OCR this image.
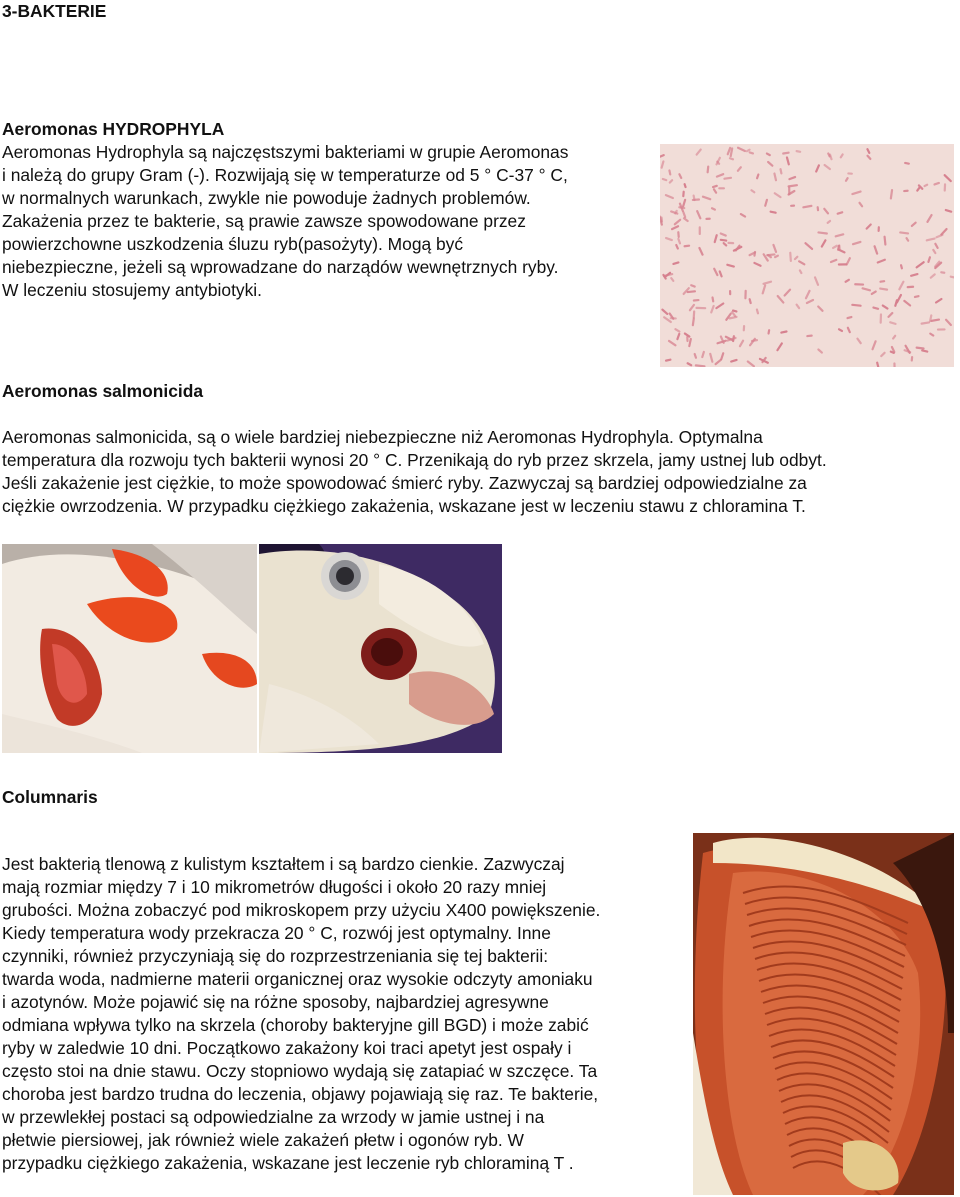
3-BAKTERIE
Aeromonas HYDROPHYLA
Aeromonas Hydrophyla są najczęstszymi bakteriami w grupie Aeromonas
i należą do grupy Gram (-). Rozwijają się w temperaturze od 5 ° C-37 ° C,
w normalnych warunkach, zwykle nie powoduje żadnych problemów.
Zakażenia przez te bakterie, są prawie zawsze spowodowane przez
powierzchowne uszkodzenia śluzu ryb(pasożyty). Mogą być
niebezpieczne, jeżeli są wprowadzane do narządów wewnętrznych ryby.
W leczeniu stosujemy antybiotyki.
Aeromonas salmonicida
Aeromonas salmonicida, są o wiele bardziej niebezpieczne niż Aeromonas Hydrophyla. Optymalna
temperatura dla rozwoju tych bakterii wynosi 20 ° C. Przenikają do ryb przez skrzela, jamy ustnej lub odbyt.
Jeśli zakażenie jest ciężkie, to może spowodować śmierć ryby. Zazwyczaj są bardziej odpowiedzialne za
ciężkie owrzodzenia. W przypadku ciężkiego zakażenia, wskazane jest w leczeniu stawu z chloramina T.
Columnaris
Jest bakterią tlenową z kulistym kształtem i są bardzo cienkie. Zazwyczaj
mają rozmiar między 7 i 10 mikrometrów długości i około 20 razy mniej
grubości. Można zobaczyć pod mikroskopem przy użyciu X400 powiększenie.
Kiedy temperatura wody przekracza 20 ° C, rozwój jest optymalny. Inne
czynniki, również przyczyniają się do rozprzestrzeniania się tej bakterii:
twarda woda, nadmierne materii organicznej oraz wysokie odczyty amoniaku
i azotynów. Może pojawić się na różne sposoby, najbardziej agresywne
odmiana wpływa tylko na skrzela (choroby bakteryjne gill BGD) i może zabić
ryby w zaledwie 10 dni. Początkowo zakażony koi traci apetyt jest ospały i
często stoi na dnie stawu. Oczy stopniowo wydają się zatapiać w szczęce. Ta
choroba jest bardzo trudna do leczenia, objawy pojawiają się raz. Te bakterie,
w przewlekłej postaci są odpowiedzialne za wrzody w jamie ustnej i na
płetwie piersiowej, jak również wiele zakażeń płetw i ogonów ryb. W
przypadku ciężkiego zakażenia, wskazane jest leczenie ryb chloraminą T .
